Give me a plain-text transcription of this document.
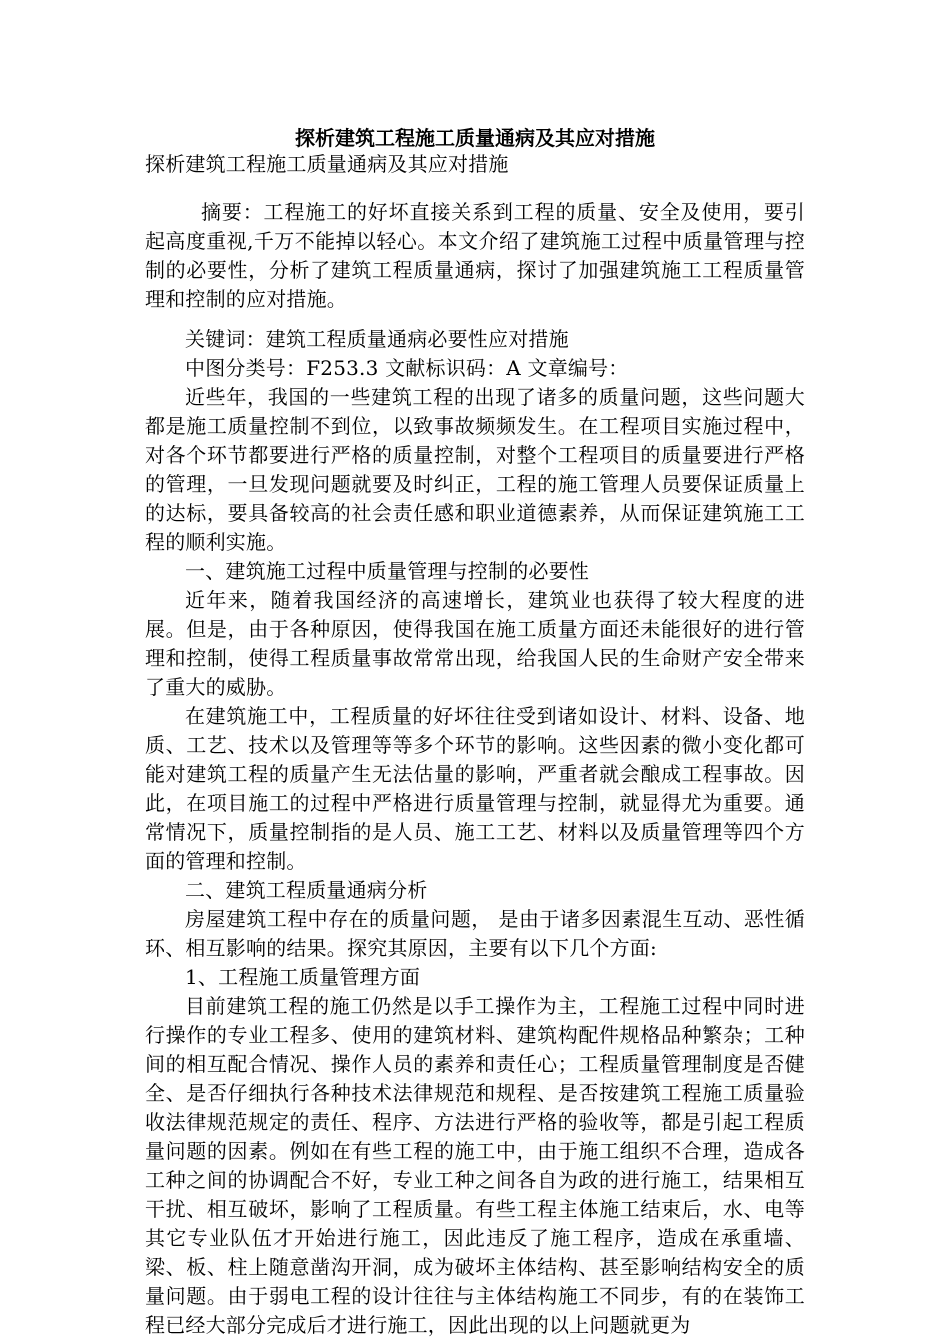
探析建筑工程施工质量通病及其应对措施
探析建筑工程施工质量通病及其应对措施

摘要：工程施工的好坏直接关系到工程的质量、安全及使用，要引起高度重视,千万不能掉以轻心。本文介绍了建筑施工过程中质量管理与控制的必要性，分析了建筑工程质量通病，探讨了加强建筑施工工程质量管理和控制的应对措施。

关键词：建筑工程质量通病必要性应对措施

中图分类号：F253.3 文献标识码：A 文章编号：

近些年，我国的一些建筑工程的出现了诸多的质量问题，这些问题大都是施工质量控制不到位，以致事故频频发生。在工程项目实施过程中，对各个环节都要进行严格的质量控制，对整个工程项目的质量要进行严格的管理，一旦发现问题就要及时纠正，工程的施工管理人员要保证质量上的达标，要具备较高的社会责任感和职业道德素养，从而保证建筑施工工程的顺利实施。

一、建筑施工过程中质量管理与控制的必要性

近年来，随着我国经济的高速增长，建筑业也获得了较大程度的进展。但是，由于各种原因，使得我国在施工质量方面还未能很好的进行管理和控制，使得工程质量事故常常出现，给我国人民的生命财产安全带来了重大的威胁。

在建筑施工中，工程质量的好坏往往受到诸如设计、材料、设备、地质、工艺、技术以及管理等等多个环节的影响。这些因素的微小变化都可能对建筑工程的质量产生无法估量的影响，严重者就会酿成工程事故。因此，在项目施工的过程中严格进行质量管理与控制，就显得尤为重要。通常情况下，质量控制指的是人员、施工工艺、材料以及质量管理等四个方面的管理和控制。

二、建筑工程质量通病分析

房屋建筑工程中存在的质量问题， 是由于诸多因素混生互动、恶性循环、相互影响的结果。探究其原因，主要有以下几个方面:

1、工程施工质量管理方面

目前建筑工程的施工仍然是以手工操作为主，工程施工过程中同时进行操作的专业工程多、使用的建筑材料、建筑构配件规格品种繁杂；工种间的相互配合情况、操作人员的素养和责任心；工程质量管理制度是否健全、是否仔细执行各种技术法律规范和规程、是否按建筑工程施工质量验收法律规范规定的责任、程序、方法进行严格的验收等，都是引起工程质量问题的因素。例如在有些工程的施工中，由于施工组织不合理，造成各工种之间的协调配合不好，专业工种之间各自为政的进行施工，结果相互干扰、相互破坏，影响了工程质量。有些工程主体施工结束后，水、电等其它专业队伍才开始进行施工，因此违反了施工程序，造成在承重墙、梁、板、柱上随意凿沟开洞，成为破坏主体结构、甚至影响结构安全的质量问题。由于弱电工程的设计往往与主体结构施工不同步，有的在装饰工程已经大部分完成后才进行施工，因此出现的以上问题就更为
